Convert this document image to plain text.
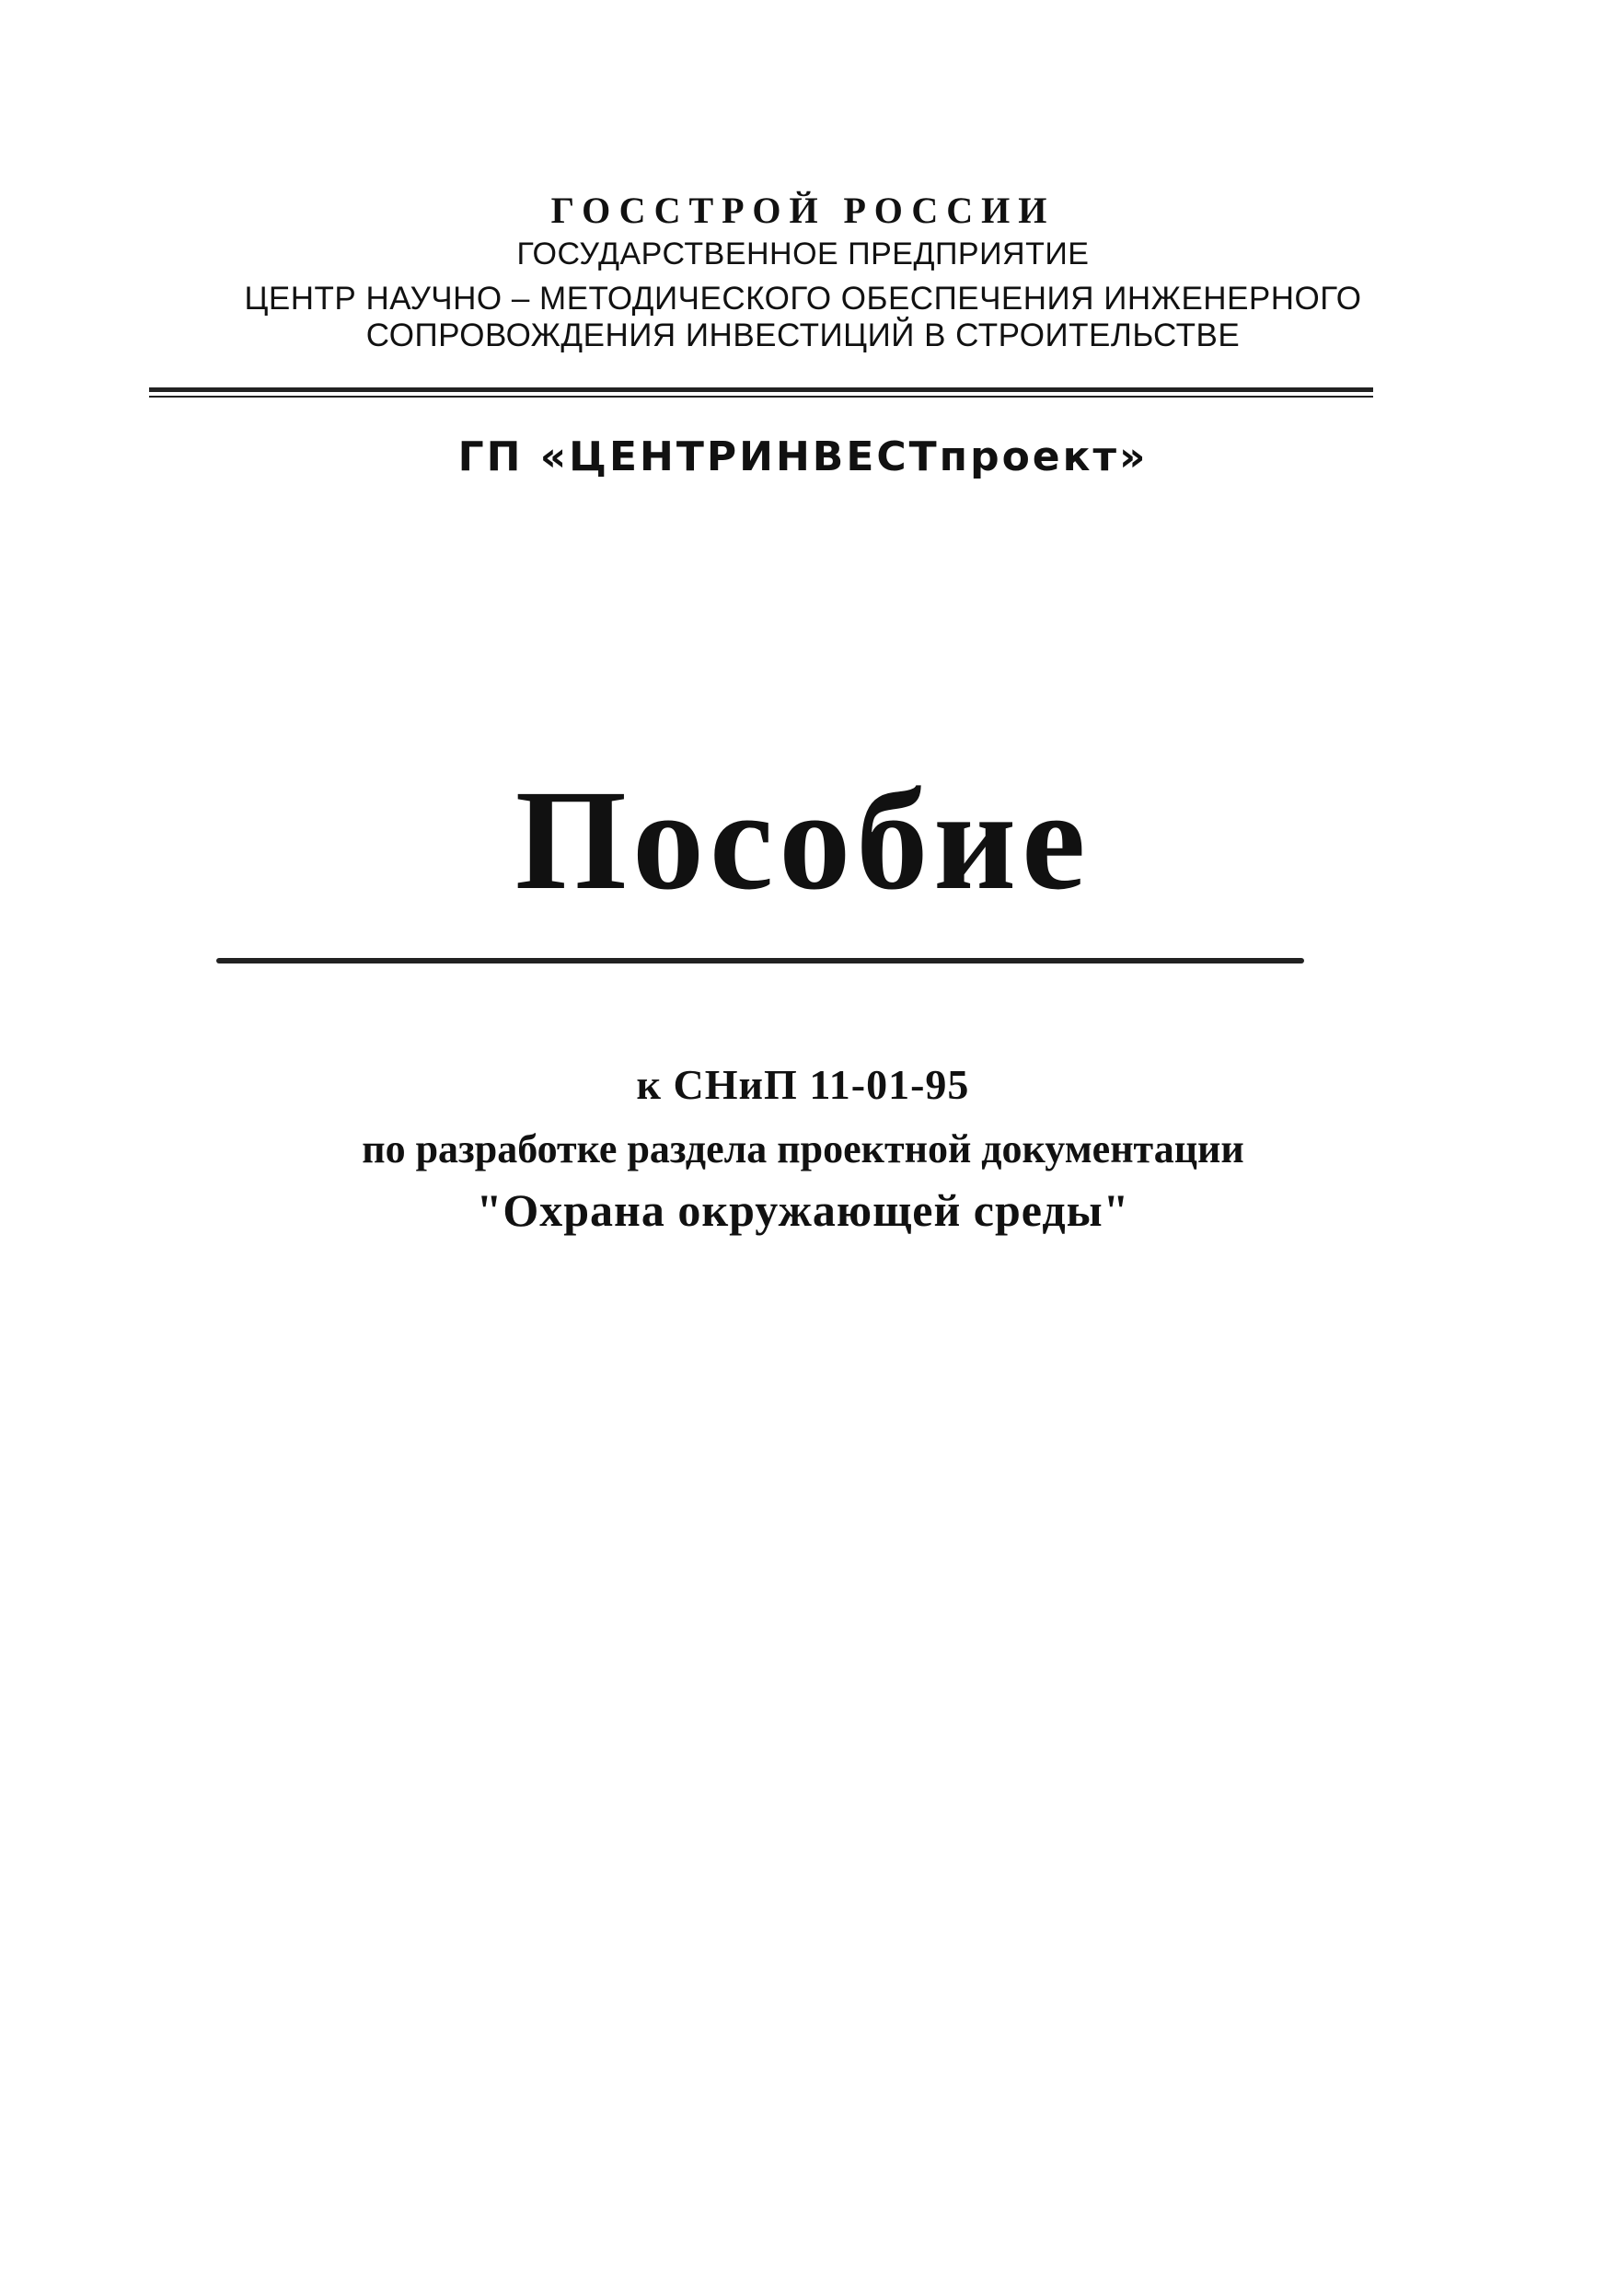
ГОССТРОЙ РОССИИ
ГОСУДАРСТВЕННОЕ ПРЕДПРИЯТИЕ
ЦЕНТР НАУЧНО – МЕТОДИЧЕСКОГО ОБЕСПЕЧЕНИЯ ИНЖЕНЕРНОГО
СОПРОВОЖДЕНИЯ ИНВЕСТИЦИЙ В СТРОИТЕЛЬСТВЕ
ГП «ЦЕНТРИНВЕСТпроект»
Пособие
к СНиП 11-01-95
по разработке раздела проектной документации
"Охрана окружающей среды"
